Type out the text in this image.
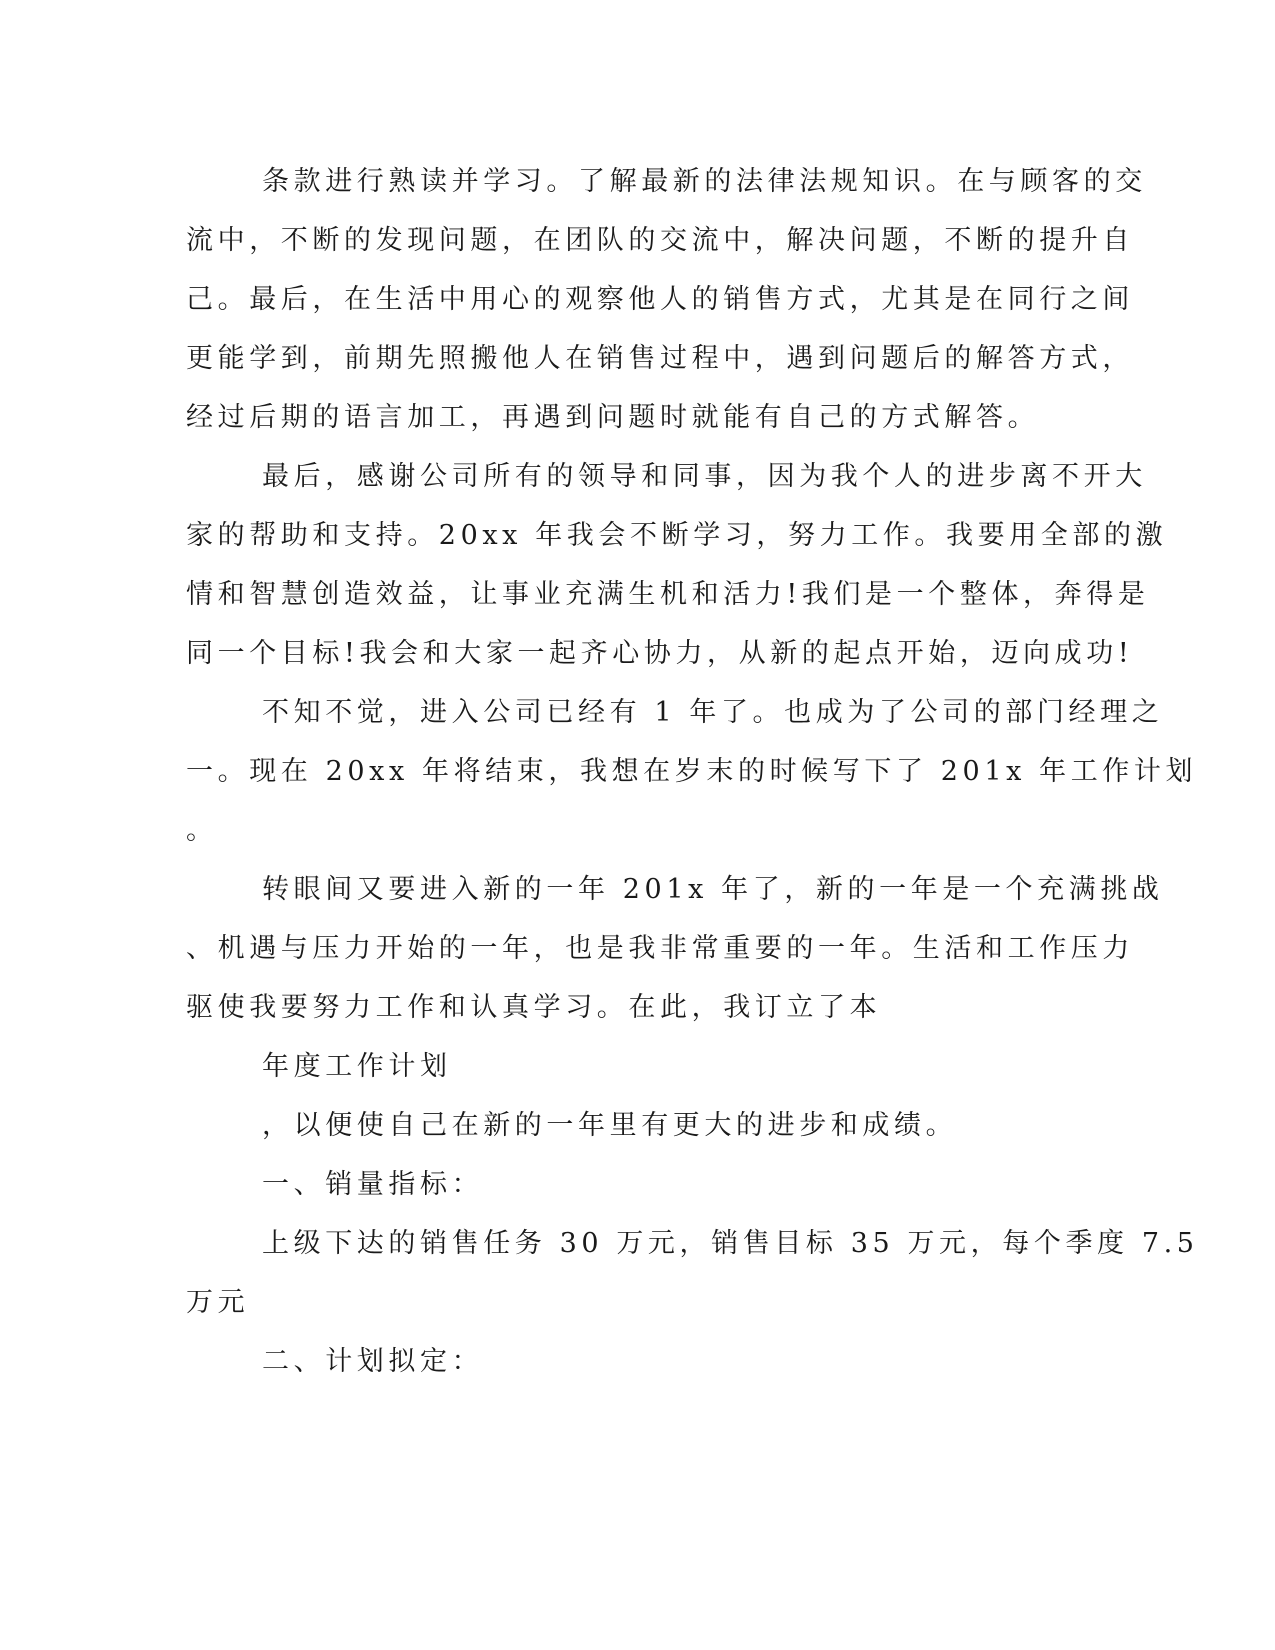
条款进行熟读并学习。了解最新的法律法规知识。在与顾客的交
流中，不断的发现问题，在团队的交流中，解决问题，不断的提升自
己。最后，在生活中用心的观察他人的销售方式，尤其是在同行之间
更能学到，前期先照搬他人在销售过程中，遇到问题后的解答方式，
经过后期的语言加工，再遇到问题时就能有自己的方式解答。
最后，感谢公司所有的领导和同事，因为我个人的进步离不开大
家的帮助和支持。20xx 年我会不断学习，努力工作。我要用全部的激
情和智慧创造效益，让事业充满生机和活力!我们是一个整体，奔得是
同一个目标!我会和大家一起齐心协力，从新的起点开始，迈向成功!
不知不觉，进入公司已经有 1 年了。也成为了公司的部门经理之
一。现在 20xx 年将结束，我想在岁末的时候写下了 201x 年工作计划
。
转眼间又要进入新的一年 201x 年了，新的一年是一个充满挑战
、机遇与压力开始的一年，也是我非常重要的一年。生活和工作压力
驱使我要努力工作和认真学习。在此，我订立了本
年度工作计划
，以便使自己在新的一年里有更大的进步和成绩。
一、销量指标：
上级下达的销售任务 30 万元，销售目标 35 万元，每个季度 7.5
万元
二、计划拟定：
